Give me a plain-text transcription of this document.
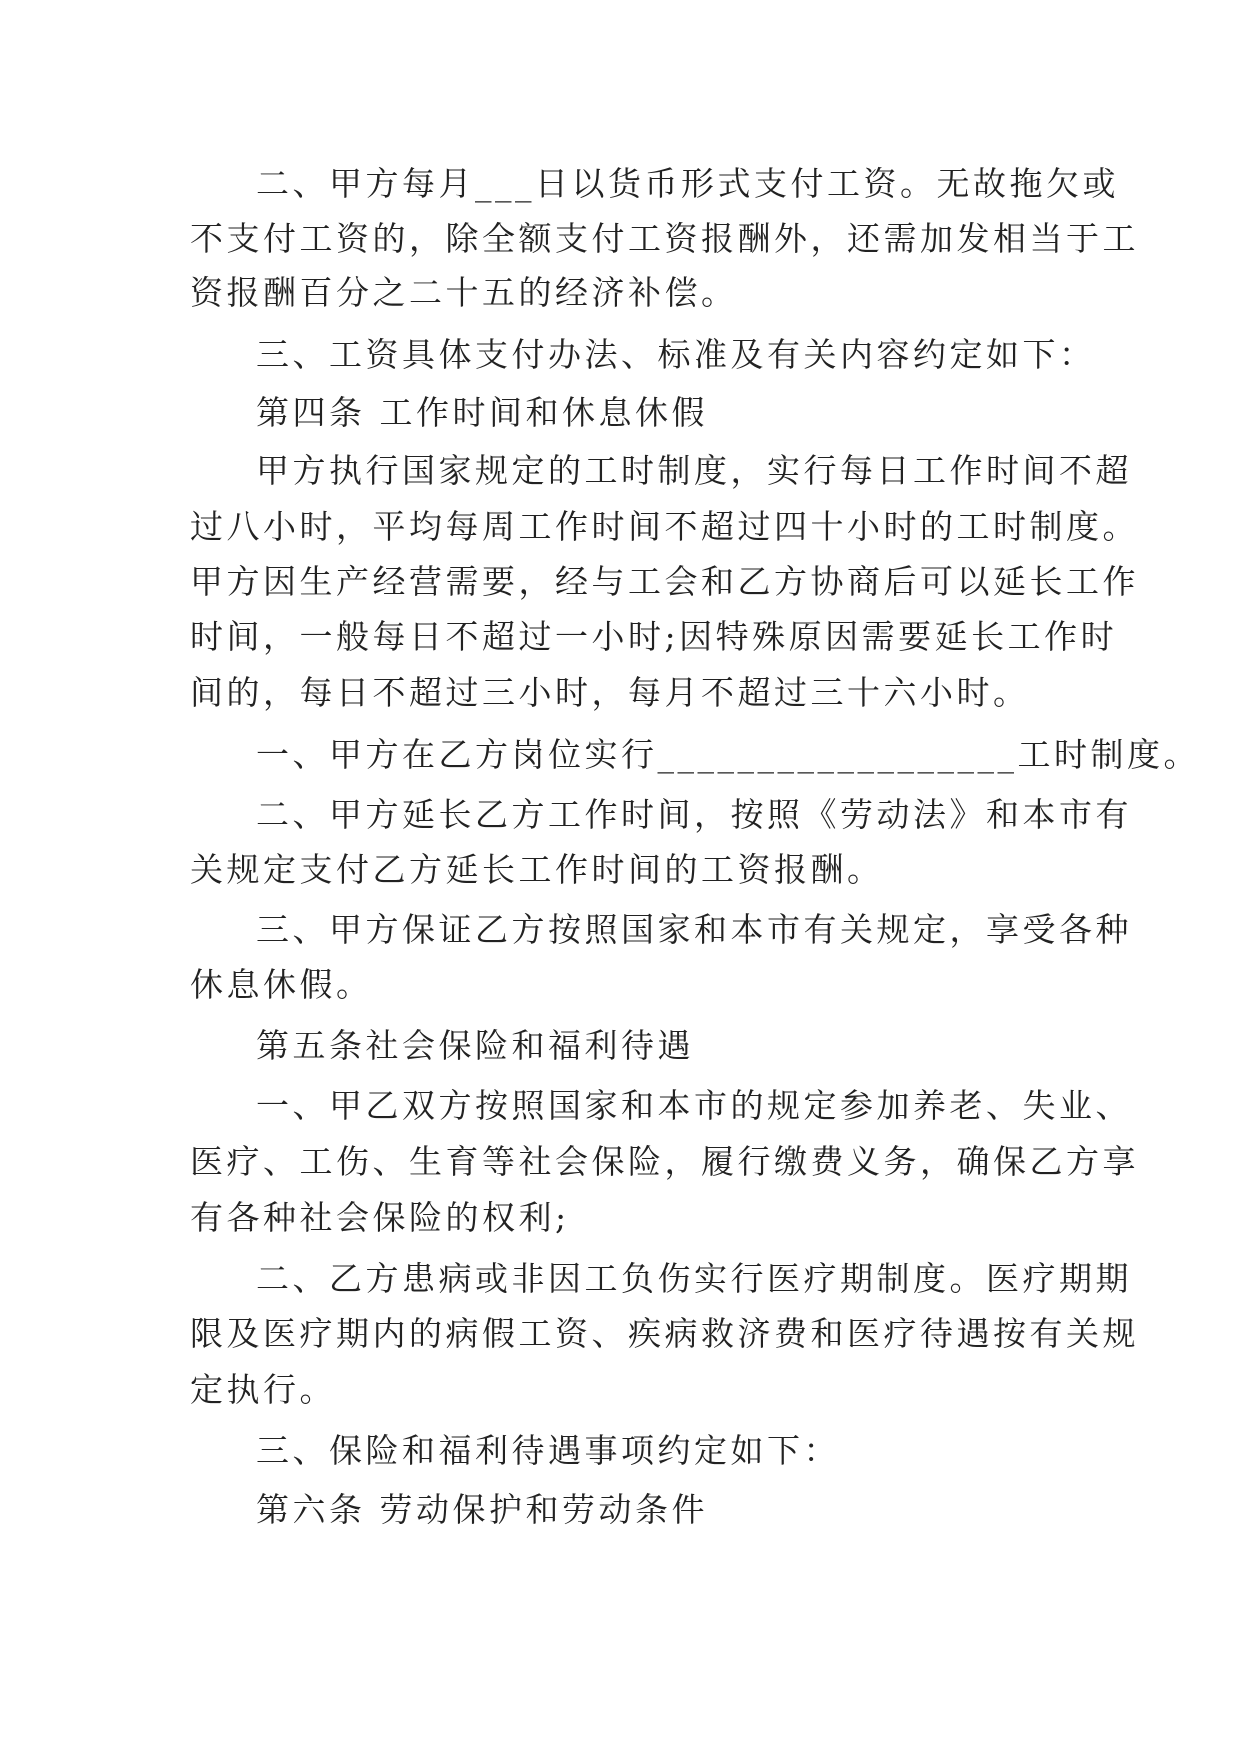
二、甲方每月___日以货币形式支付工资。无故拖欠或
不支付工资的，除全额支付工资报酬外，还需加发相当于工
资报酬百分之二十五的经济补偿。
三、工资具体支付办法、标准及有关内容约定如下：
第四条 工作时间和休息休假
甲方执行国家规定的工时制度，实行每日工作时间不超
过八小时，平均每周工作时间不超过四十小时的工时制度。
甲方因生产经营需要，经与工会和乙方协商后可以延长工作
时间，一般每日不超过一小时;因特殊原因需要延长工作时
间的，每日不超过三小时，每月不超过三十六小时。
一、甲方在乙方岗位实行__________________工时制度。
二、甲方延长乙方工作时间，按照《劳动法》和本市有
关规定支付乙方延长工作时间的工资报酬。
三、甲方保证乙方按照国家和本市有关规定，享受各种
休息休假。
第五条社会保险和福利待遇
一、甲乙双方按照国家和本市的规定参加养老、失业、
医疗、工伤、生育等社会保险，履行缴费义务，确保乙方享
有各种社会保险的权利;
二、乙方患病或非因工负伤实行医疗期制度。医疗期期
限及医疗期内的病假工资、疾病救济费和医疗待遇按有关规
定执行。
三、保险和福利待遇事项约定如下：
第六条 劳动保护和劳动条件
